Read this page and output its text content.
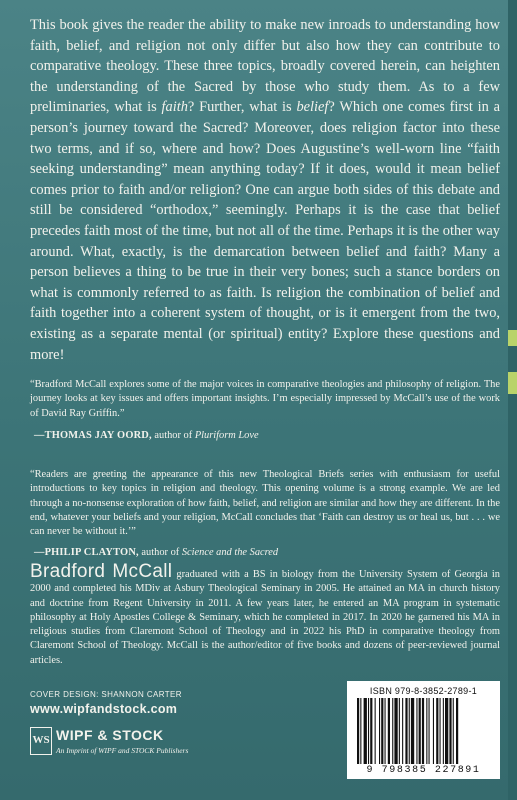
This book gives the reader the ability to make new inroads to understanding how faith, belief, and religion not only differ but also how they can contribute to comparative theology. These three topics, broadly covered herein, can heighten the understanding of the Sacred by those who study them. As to a few preliminaries, what is faith? Further, what is belief? Which one comes first in a person’s journey toward the Sacred? Moreover, does religion factor into these two terms, and if so, where and how? Does Augustine’s well-worn line “faith seeking understanding” mean anything today? If it does, would it mean belief comes prior to faith and/or religion? One can argue both sides of this debate and still be considered “orthodox,” seemingly. Perhaps it is the case that belief precedes faith most of the time, but not all of the time. Perhaps it is the other way around. What, exactly, is the demarcation between belief and faith? Many a person believes a thing to be true in their very bones; such a stance borders on what is commonly referred to as faith. Is religion the combination of belief and faith together into a coherent system of thought, or is it emergent from the two, existing as a separate mental (or spiritual) entity? Explore these questions and more!

“Bradford McCall explores some of the major voices in comparative theologies and philosophy of religion. The journey looks at key issues and offers important insights. I’m especially impressed by McCall’s use of the work of David Ray Griffin.”

—THOMAS JAY OORD, author of Pluriform Love

“Readers are greeting the appearance of this new Theological Briefs series with enthusiasm for useful introductions to key topics in religion and theology. This opening volume is a strong example. We are led through a no-nonsense exploration of how faith, belief, and religion are similar and how they are different. In the end, whatever your beliefs and your religion, McCall concludes that ‘Faith can destroy us or heal us, but . . . we can never be without it.’”

—PHILIP CLAYTON, author of Science and the Sacred

Bradford McCall graduated with a BS in biology from the University System of Georgia in 2000 and completed his MDiv at Asbury Theological Seminary in 2005. He attained an MA in church history and doctrine from Regent University in 2011. A few years later, he entered an MA program in systematic philosophy at Holy Apostles College & Seminary, which he completed in 2017. In 2020 he garnered his MA in religious studies from Claremont School of Theology and in 2022 his PhD in comparative theology from Claremont School of Theology. McCall is the author/editor of five books and dozens of peer-reviewed journal articles.

COVER DESIGN: SHANNON CARTER
www.wipfandstock.com
WS WIPF & STOCK
An Imprint of WIPF and STOCK Publishers
ISBN 979-8-3852-2789-1
9 798385 227891
